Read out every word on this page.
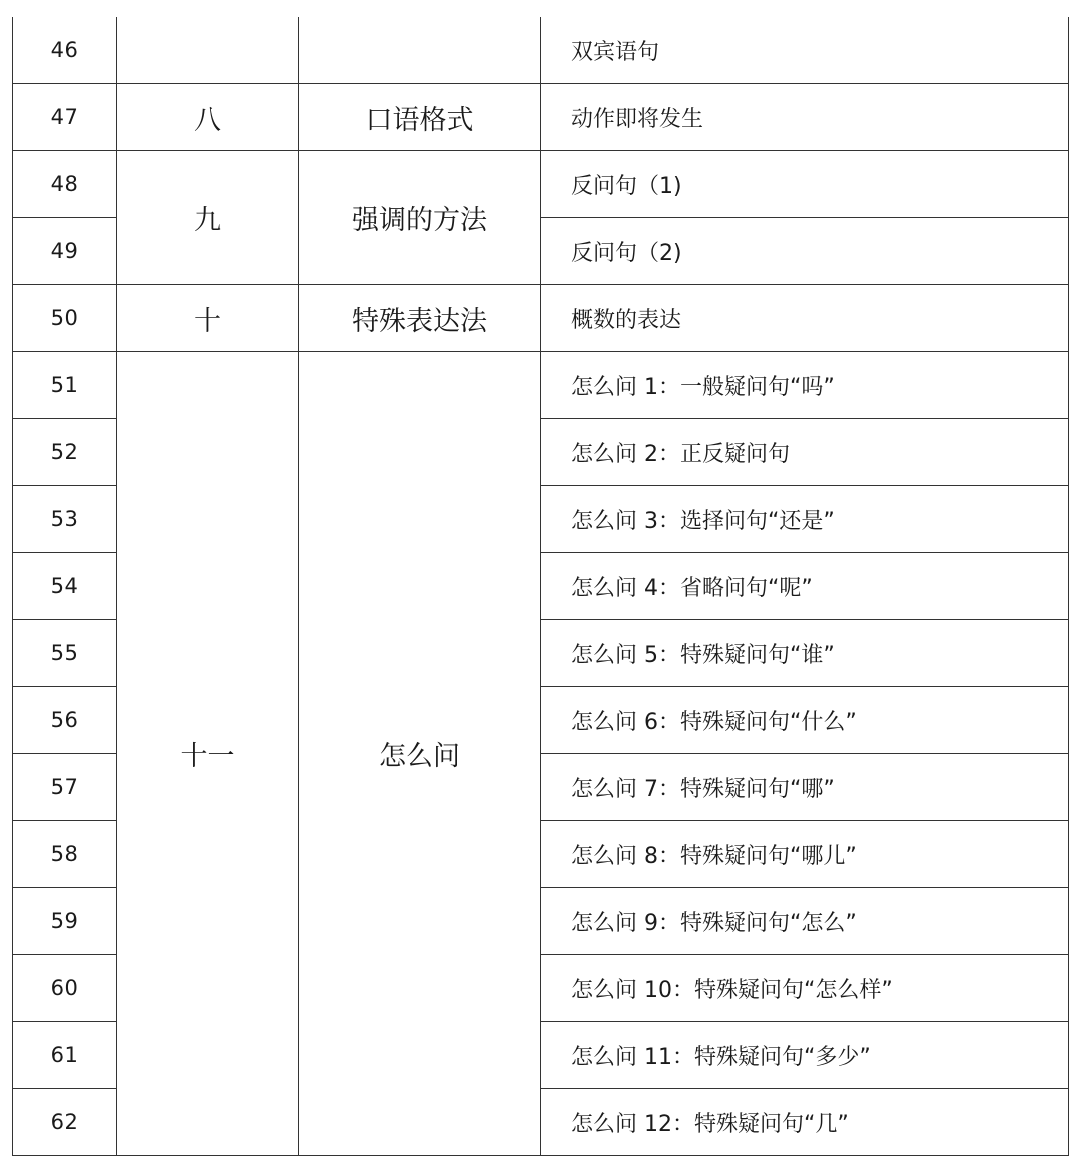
46			双宾语句
47	八	口语格式	动作即将发生
48	九	强调的方法	反问句（1)
49			反问句（2)
50	十	特殊表达法	概数的表达
51	十一	怎么问	怎么问 1：一般疑问句“吗”
52			怎么问 2：正反疑问句
53			怎么问 3：选择问句“还是”
54			怎么问 4：省略问句“呢”
55			怎么问 5：特殊疑问句“谁”
56			怎么问 6：特殊疑问句“什么”
57			怎么问 7：特殊疑问句“哪”
58			怎么问 8：特殊疑问句“哪儿”
59			怎么问 9：特殊疑问句“怎么”
60			怎么问 10：特殊疑问句“怎么样”
61			怎么问 11：特殊疑问句“多少”
62			怎么问 12：特殊疑问句“几”
